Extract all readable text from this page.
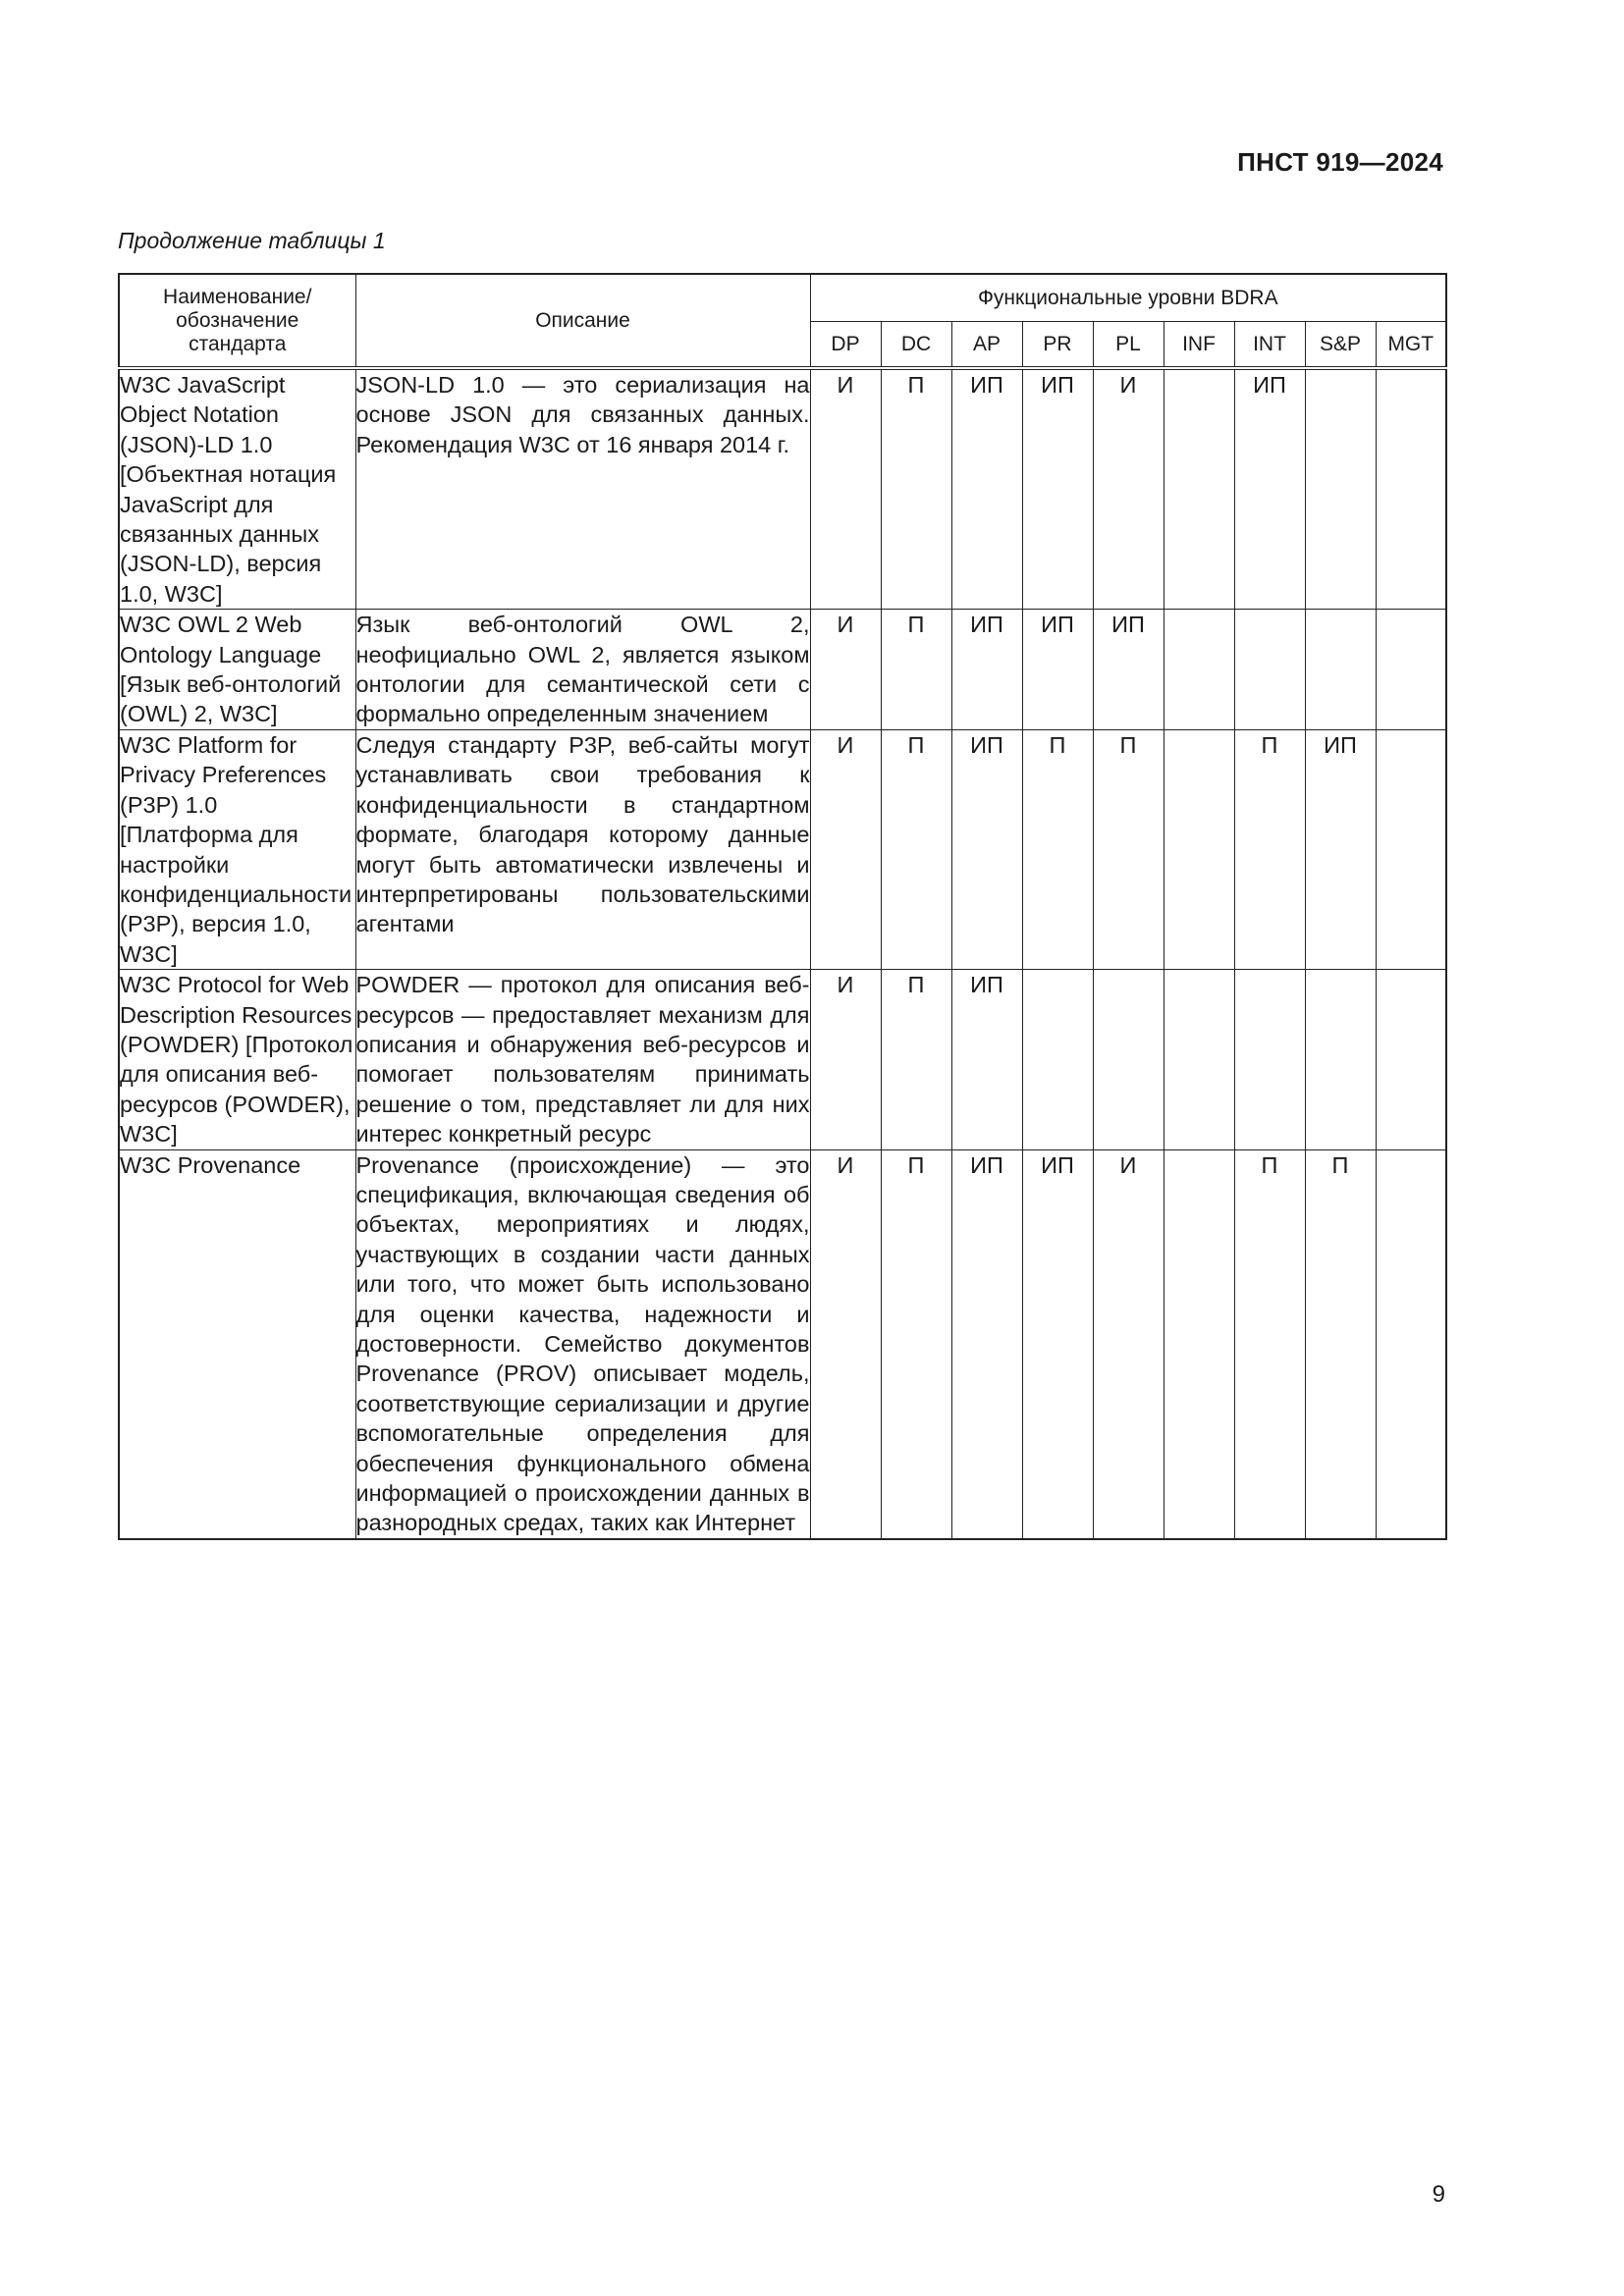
ПНСТ 919—2024
Продолжение таблицы 1
Наименование/ обозначение стандарта	Описание	Функциональные уровни BDRA								
		DP	DC	AP	PR	PL	INF	INT	S&P	MGT
W3C JavaScript Object Notation (JSON)-LD 1.0 [Объектная нотация JavaScript для связанных данных (JSON-LD), версия 1.0, W3C]	JSON-LD 1.0 — это сериализация на основе JSON для связанных данных. Рекомендация W3C от 16 января 2014 г.	И	П	ИП	ИП	И		ИП		
W3C OWL 2 Web Ontology Language [Язык веб-онтологий (OWL) 2, W3C]	Язык веб-онтологий OWL 2, неофициально OWL 2, является языком онтологии для семантической сети с формально определенным значением	И	П	ИП	ИП	ИП				
W3C Platform for Privacy Preferences (P3P) 1.0 [Платформа для настройки конфиденциальности (P3P), версия 1.0, W3C]	Следуя стандарту P3P, веб-сайты могут устанавливать свои требования к конфиденциальности в стандартном формате, благодаря которому данные могут быть автоматически извлечены и интерпретированы пользовательскими агентами	И	П	ИП	П	П		П	ИП	
W3C Protocol for Web Description Resources (POWDER) [Протокол для описания веб-ресурсов (POWDER), W3C]	POWDER — протокол для описания веб-ресурсов — предоставляет механизм для описания и обнаружения веб-ресурсов и помогает пользователям принимать решение о том, представляет ли для них интерес конкретный ресурс	И	П	ИП						
W3C Provenance	Provenance (происхождение) — это спецификация, включающая сведения об объектах, мероприятиях и людях, участвующих в создании части данных или того, что может быть использовано для оценки качества, надежности и достоверности. Семейство документов Provenance (PROV) описывает модель, соответствующие сериализации и другие вспомогательные определения для обеспечения функционального обмена информацией о происхождении данных в разнородных средах, таких как Интернет	И	П	ИП	ИП	И		П	П	
9
